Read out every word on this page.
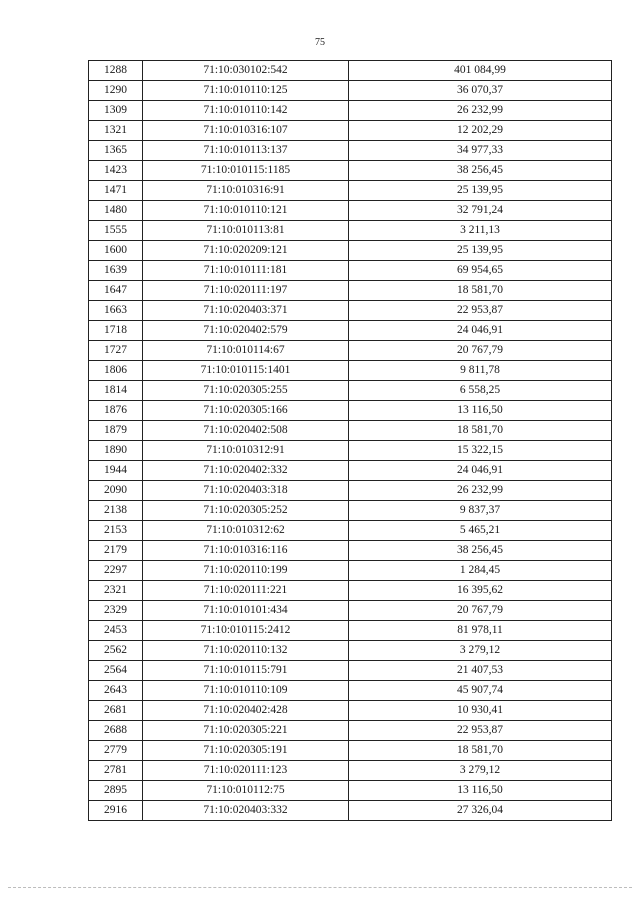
75
1288	71:10:030102:542	401 084,99
1290	71:10:010110:125	36 070,37
1309	71:10:010110:142	26 232,99
1321	71:10:010316:107	12 202,29
1365	71:10:010113:137	34 977,33
1423	71:10:010115:1185	38 256,45
1471	71:10:010316:91	25 139,95
1480	71:10:010110:121	32 791,24
1555	71:10:010113:81	3 211,13
1600	71:10:020209:121	25 139,95
1639	71:10:010111:181	69 954,65
1647	71:10:020111:197	18 581,70
1663	71:10:020403:371	22 953,87
1718	71:10:020402:579	24 046,91
1727	71:10:010114:67	20 767,79
1806	71:10:010115:1401	9 811,78
1814	71:10:020305:255	6 558,25
1876	71:10:020305:166	13 116,50
1879	71:10:020402:508	18 581,70
1890	71:10:010312:91	15 322,15
1944	71:10:020402:332	24 046,91
2090	71:10:020403:318	26 232,99
2138	71:10:020305:252	9 837,37
2153	71:10:010312:62	5 465,21
2179	71:10:010316:116	38 256,45
2297	71:10:020110:199	1 284,45
2321	71:10:020111:221	16 395,62
2329	71:10:010101:434	20 767,79
2453	71:10:010115:2412	81 978,11
2562	71:10:020110:132	3 279,12
2564	71:10:010115:791	21 407,53
2643	71:10:010110:109	45 907,74
2681	71:10:020402:428	10 930,41
2688	71:10:020305:221	22 953,87
2779	71:10:020305:191	18 581,70
2781	71:10:020111:123	3 279,12
2895	71:10:010112:75	13 116,50
2916	71:10:020403:332	27 326,04
